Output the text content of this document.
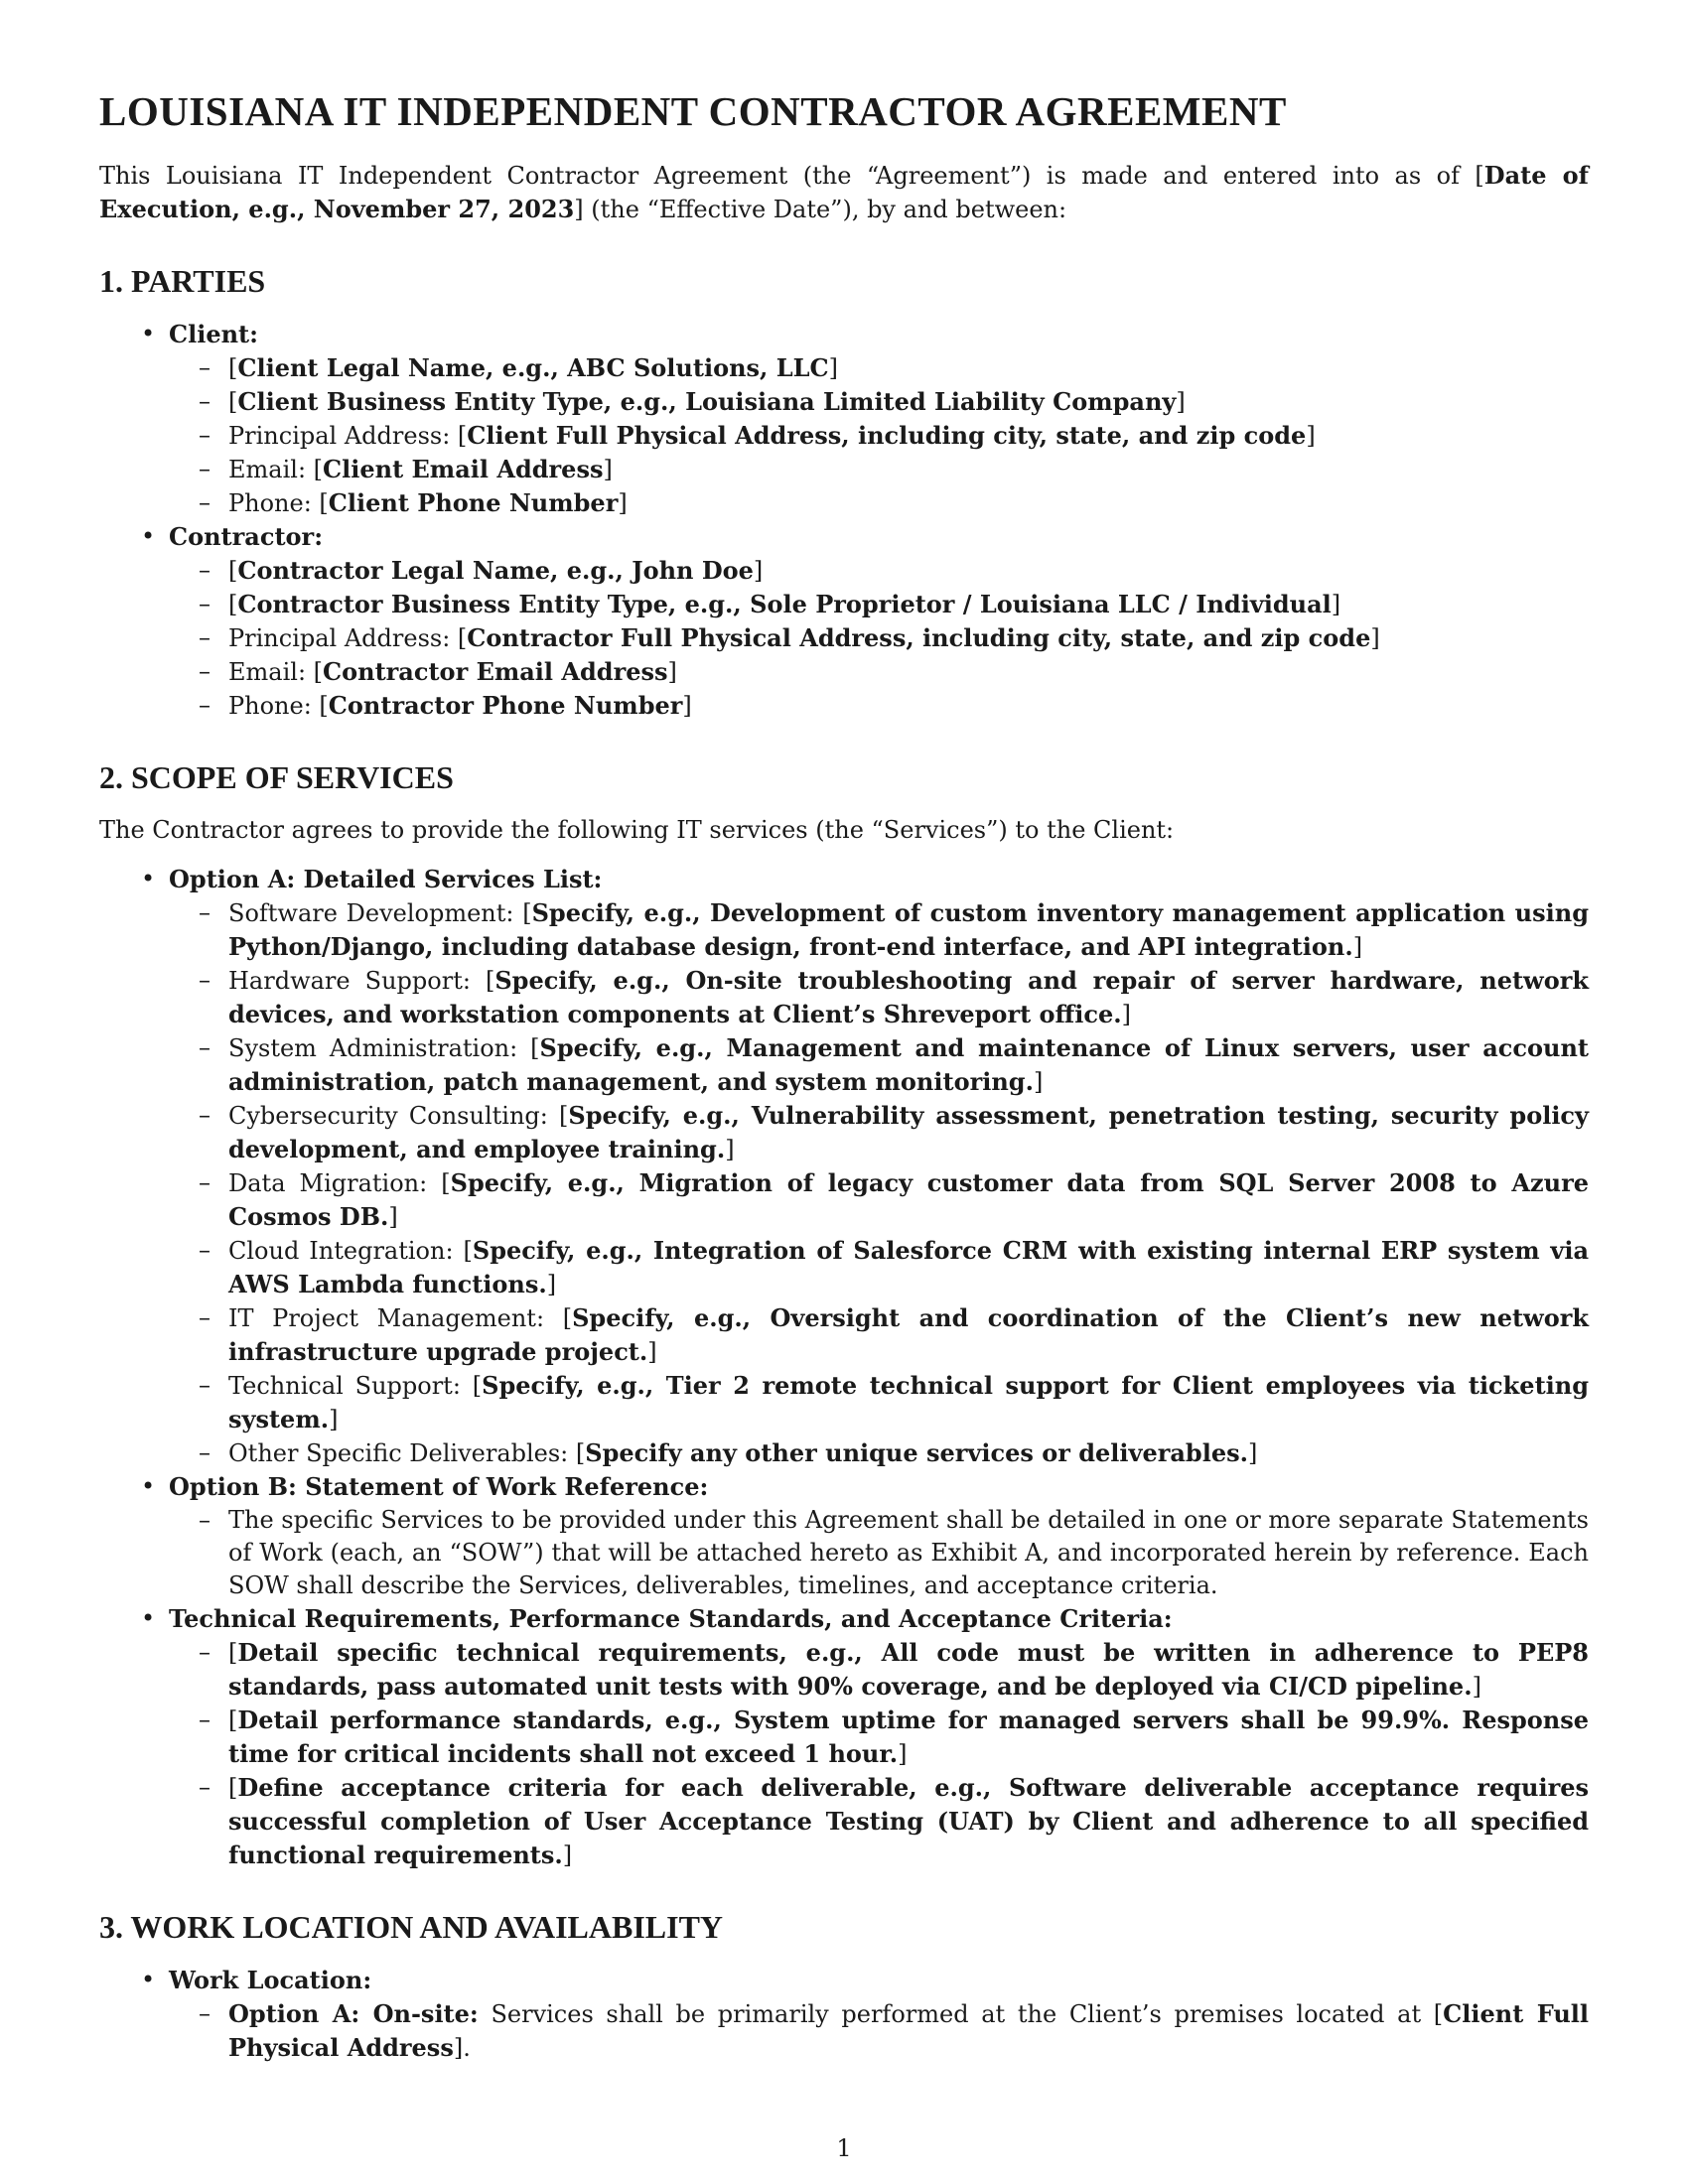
LOUISIANA IT INDEPENDENT CONTRACTOR AGREEMENT

This Louisiana IT Independent Contractor Agreement (the “Agreement”) is made and entered into as of [Date of Execution, e.g., November 27, 2023] (the “Effective Date”), by and between:

1. PARTIES
• Client:
– [Client Legal Name, e.g., ABC Solutions, LLC]
– [Client Business Entity Type, e.g., Louisiana Limited Liability Company]
– Principal Address: [Client Full Physical Address, including city, state, and zip code]
– Email: [Client Email Address]
– Phone: [Client Phone Number]
• Contractor:
– [Contractor Legal Name, e.g., John Doe]
– [Contractor Business Entity Type, e.g., Sole Proprietor / Louisiana LLC / Individual]
– Principal Address: [Contractor Full Physical Address, including city, state, and zip code]
– Email: [Contractor Email Address]
– Phone: [Contractor Phone Number]
2. SCOPE OF SERVICES

The Contractor agrees to provide the following IT services (the “Services”) to the Client:

• Option A: Detailed Services List:
– Software Development: [Specify, e.g., Development of custom inventory management application using Python/Django, including database design, front-end interface, and API integration.]
– Hardware Support: [Specify, e.g., On-site troubleshooting and repair of server hardware, network devices, and workstation components at Client’s Shreveport office.]
– System Administration: [Specify, e.g., Management and maintenance of Linux servers, user account administration, patch management, and system monitoring.]
– Cybersecurity Consulting: [Specify, e.g., Vulnerability assessment, penetration testing, security policy development, and employee training.]
– Data Migration: [Specify, e.g., Migration of legacy customer data from SQL Server 2008 to Azure Cosmos DB.]
– Cloud Integration: [Specify, e.g., Integration of Salesforce CRM with existing internal ERP system via AWS Lambda functions.]
– IT Project Management: [Specify, e.g., Oversight and coordination of the Client’s new network infrastructure upgrade project.]
– Technical Support: [Specify, e.g., Tier 2 remote technical support for Client employees via ticketing system.]
– Other Specific Deliverables: [Specify any other unique services or deliverables.]
• Option B: Statement of Work Reference:
– The specific Services to be provided under this Agreement shall be detailed in one or more separate Statements of Work (each, an “SOW”) that will be attached hereto as Exhibit A, and incorporated herein by reference. Each SOW shall describe the Services, deliverables, timelines, and acceptance criteria.
• Technical Requirements, Performance Standards, and Acceptance Criteria:
– [Detail specific technical requirements, e.g., All code must be written in adherence to PEP8 standards, pass automated unit tests with 90% coverage, and be deployed via CI/CD pipeline.]
– [Detail performance standards, e.g., System uptime for managed servers shall be 99.9%. Response time for critical incidents shall not exceed 1 hour.]
– [Define acceptance criteria for each deliverable, e.g., Software deliverable acceptance requires successful completion of User Acceptance Testing (UAT) by Client and adherence to all specified functional requirements.]
3. WORK LOCATION AND AVAILABILITY
• Work Location:
– Option A: On-site: Services shall be primarily performed at the Client’s premises located at [Client Full Physical Address].
1
